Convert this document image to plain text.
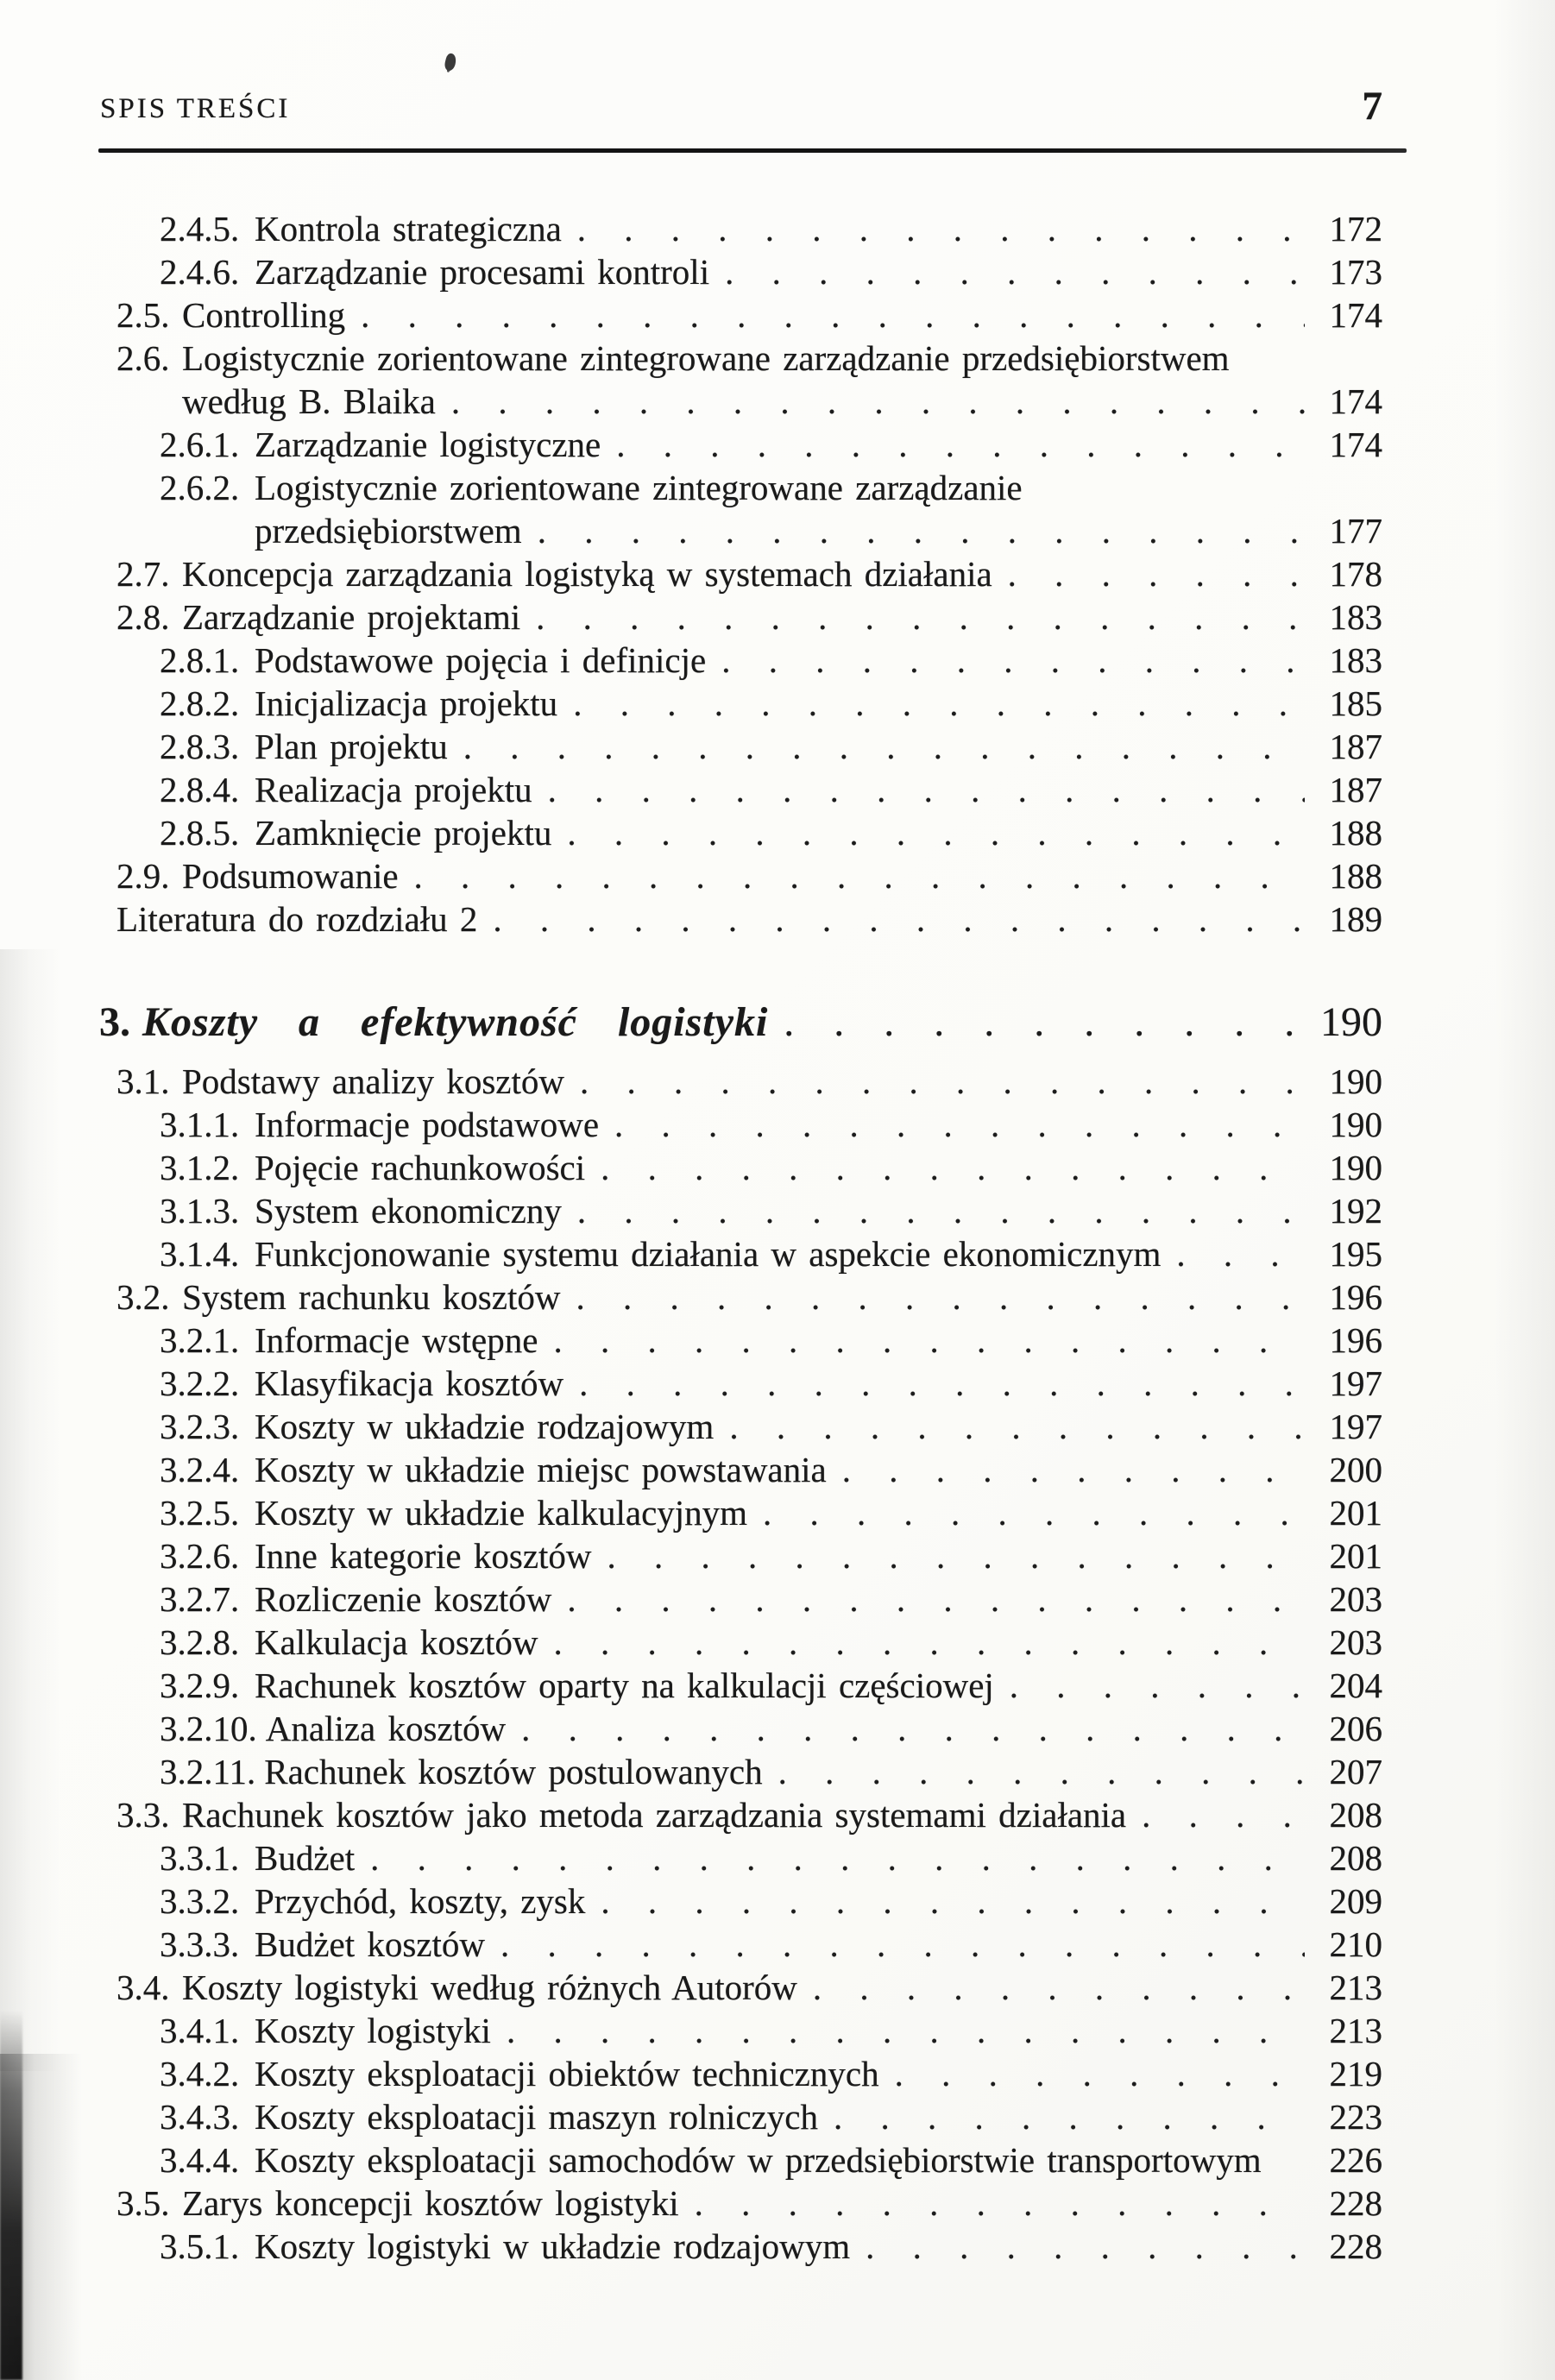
SPIS TREŚCI	7
2.4.5. Kontrola strategiczna . . .	172
2.4.6. Zarządzanie procesami kontroli . . .	173
2.5. Controlling . . .	174
2.6. Logistycznie zorientowane zintegrowane zarządzanie przedsiębiorstwem
według B. Blaika . . .	174
2.6.1. Zarządzanie logistyczne . . .	174
2.6.2. Logistycznie zorientowane zintegrowane zarządzanie
przedsiębiorstwem . . .	177
2.7. Koncepcja zarządzania logistyką w systemach działania . . .	178
2.8. Zarządzanie projektami . . .	183
2.8.1. Podstawowe pojęcia i definicje . . .	183
2.8.2. Inicjalizacja projektu . . .	185
2.8.3. Plan projektu . . .	187
2.8.4. Realizacja projektu . . .	187
2.8.5. Zamknięcie projektu . . .	188
2.9. Podsumowanie . . .	188
Literatura do rozdziału 2 . . .	189
3. Koszty a efektywność logistyki . . .	190
3.1. Podstawy analizy kosztów . . .	190
3.1.1. Informacje podstawowe . . .	190
3.1.2. Pojęcie rachunkowości . . .	190
3.1.3. System ekonomiczny . . .	192
3.1.4. Funkcjonowanie systemu działania w aspekcie ekonomicznym . . .	195
3.2. System rachunku kosztów . . .	196
3.2.1. Informacje wstępne . . .	196
3.2.2. Klasyfikacja kosztów . . .	197
3.2.3. Koszty w układzie rodzajowym . . .	197
3.2.4. Koszty w układzie miejsc powstawania . . .	200
3.2.5. Koszty w układzie kalkulacyjnym . . .	201
3.2.6. Inne kategorie kosztów . . .	201
3.2.7. Rozliczenie kosztów . . .	203
3.2.8. Kalkulacja kosztów . . .	203
3.2.9. Rachunek kosztów oparty na kalkulacji częściowej . . .	204
3.2.10. Analiza kosztów . . .	206
3.2.11. Rachunek kosztów postulowanych . . .	207
3.3. Rachunek kosztów jako metoda zarządzania systemami działania . . .	208
3.3.1. Budżet . . .	208
3.3.2. Przychód, koszty, zysk . . .	209
3.3.3. Budżet kosztów . . .	210
3.4. Koszty logistyki według różnych Autorów . . .	213
3.4.1. Koszty logistyki . . .	213
3.4.2. Koszty eksploatacji obiektów technicznych . . .	219
3.4.3. Koszty eksploatacji maszyn rolniczych . . .	223
3.4.4. Koszty eksploatacji samochodów w przedsiębiorstwie transportowym	226
3.5. Zarys koncepcji kosztów logistyki . . .	228
3.5.1. Koszty logistyki w układzie rodzajowym . . .	228
